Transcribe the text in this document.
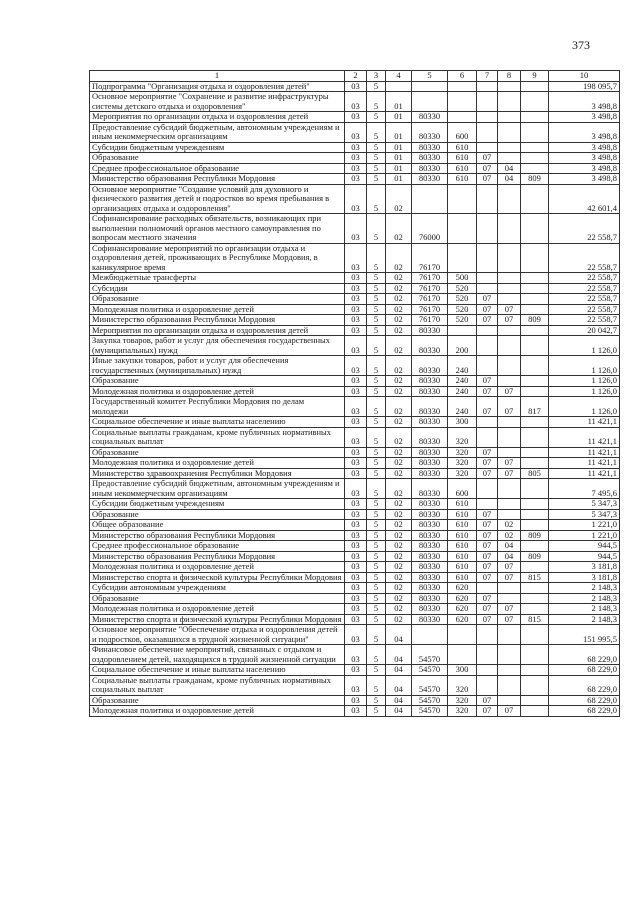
373
1	2	3	4	5	6	7	8	9	10
Подпрограмма "Организация отдыха и оздоровления детей"	03	5							198 095,7
Основное мероприятие "Сохранение и развитие инфраструктуры системы детского отдыха и оздоровления"	03	5	01						3 498,8
Мероприятия по организации отдыха и оздоровления детей	03	5	01	80330					3 498,8
Предоставление субсидий бюджетным, автономным учреждениям и иным некоммерческим организациям	03	5	01	80330	600				3 498,8
Субсидии бюджетным учреждениям	03	5	01	80330	610				3 498,8
Образование	03	5	01	80330	610	07			3 498,8
Среднее профессиональное образование	03	5	01	80330	610	07	04		3 498,8
Министерство образования Республики Мордовия	03	5	01	80330	610	07	04	809	3 498,8
Основное мероприятие "Создание условий для духовного и физического развития детей и подростков во время пребывания в организациях отдыха и оздоровления"	03	5	02						42 601,4
Софинансирование расходных обязательств, возникающих при выполнении полномочий органов местного самоуправления по вопросам местного значения	03	5	02	76000					22 558,7
Софинансирование мероприятий по организации отдыха и оздоровления детей, проживающих в Республике Мордовия, в каникулярное время	03	5	02	76170					22 558,7
Межбюджетные трансферты	03	5	02	76170	500				22 558,7
Субсидии	03	5	02	76170	520				22 558,7
Образование	03	5	02	76170	520	07			22 558,7
Молодежная политика и оздоровление детей	03	5	02	76170	520	07	07		22 558,7
Министерство образования Республики Мордовия	03	5	02	76170	520	07	07	809	22 558,7
Мероприятия по организации отдыха и оздоровления детей	03	5	02	80330					20 042,7
Закупка товаров, работ и услуг для обеспечения государственных (муниципальных) нужд	03	5	02	80330	200				1 126,0
Иные закупки товаров, работ и услуг для обеспечения государственных (муниципальных) нужд	03	5	02	80330	240				1 126,0
Образование	03	5	02	80330	240	07			1 126,0
Молодежная политика и оздоровление детей	03	5	02	80330	240	07	07		1 126,0
Государственный комитет Республики Мордовия по делам молодежи	03	5	02	80330	240	07	07	817	1 126,0
Социальное обеспечение и иные выплаты населению	03	5	02	80330	300				11 421,1
Социальные выплаты гражданам, кроме публичных нормативных социальных выплат	03	5	02	80330	320				11 421,1
Образование	03	5	02	80330	320	07			11 421,1
Молодежная политика и оздоровление детей	03	5	02	80330	320	07	07		11 421,1
Министерство здравоохранения Республики Мордовия	03	5	02	80330	320	07	07	805	11 421,1
Предоставление субсидий бюджетным, автономным учреждениям и иным некоммерческим организациям	03	5	02	80330	600				7 495,6
Субсидии бюджетным учреждениям	03	5	02	80330	610				5 347,3
Образование	03	5	02	80330	610	07			5 347,3
Общее образование	03	5	02	80330	610	07	02		1 221,0
Министерство образования Республики Мордовия	03	5	02	80330	610	07	02	809	1 221,0
Среднее профессиональное образование	03	5	02	80330	610	07	04		944,5
Министерство образования Республики Мордовия	03	5	02	80330	610	07	04	809	944,5
Молодежная политика и оздоровление детей	03	5	02	80330	610	07	07		3 181,8
Министерство спорта и физической культуры Республики Мордовия	03	5	02	80330	610	07	07	815	3 181,8
Субсидии автономным учреждениям	03	5	02	80330	620				2 148,3
Образование	03	5	02	80330	620	07			2 148,3
Молодежная политика и оздоровление детей	03	5	02	80330	620	07	07		2 148,3
Министерство спорта и физической культуры Республики Мордовия	03	5	02	80330	620	07	07	815	2 148,3
Основное мероприятие "Обеспечение отдыха и оздоровления детей и подростков, оказавшихся в трудной жизненной ситуации"	03	5	04						151 995,5
Финансовое обеспечение мероприятий, связанных с отдыхом и оздоровлением детей, находящихся в трудной жизненной ситуации	03	5	04	54570					68 229,0
Социальное обеспечение и иные выплаты населению	03	5	04	54570	300				68 229,0
Социальные выплаты гражданам, кроме публичных нормативных социальных выплат	03	5	04	54570	320				68 229,0
Образование	03	5	04	54570	320	07			68 229,0
Молодежная политика и оздоровление детей	03	5	04	54570	320	07	07		68 229,0
